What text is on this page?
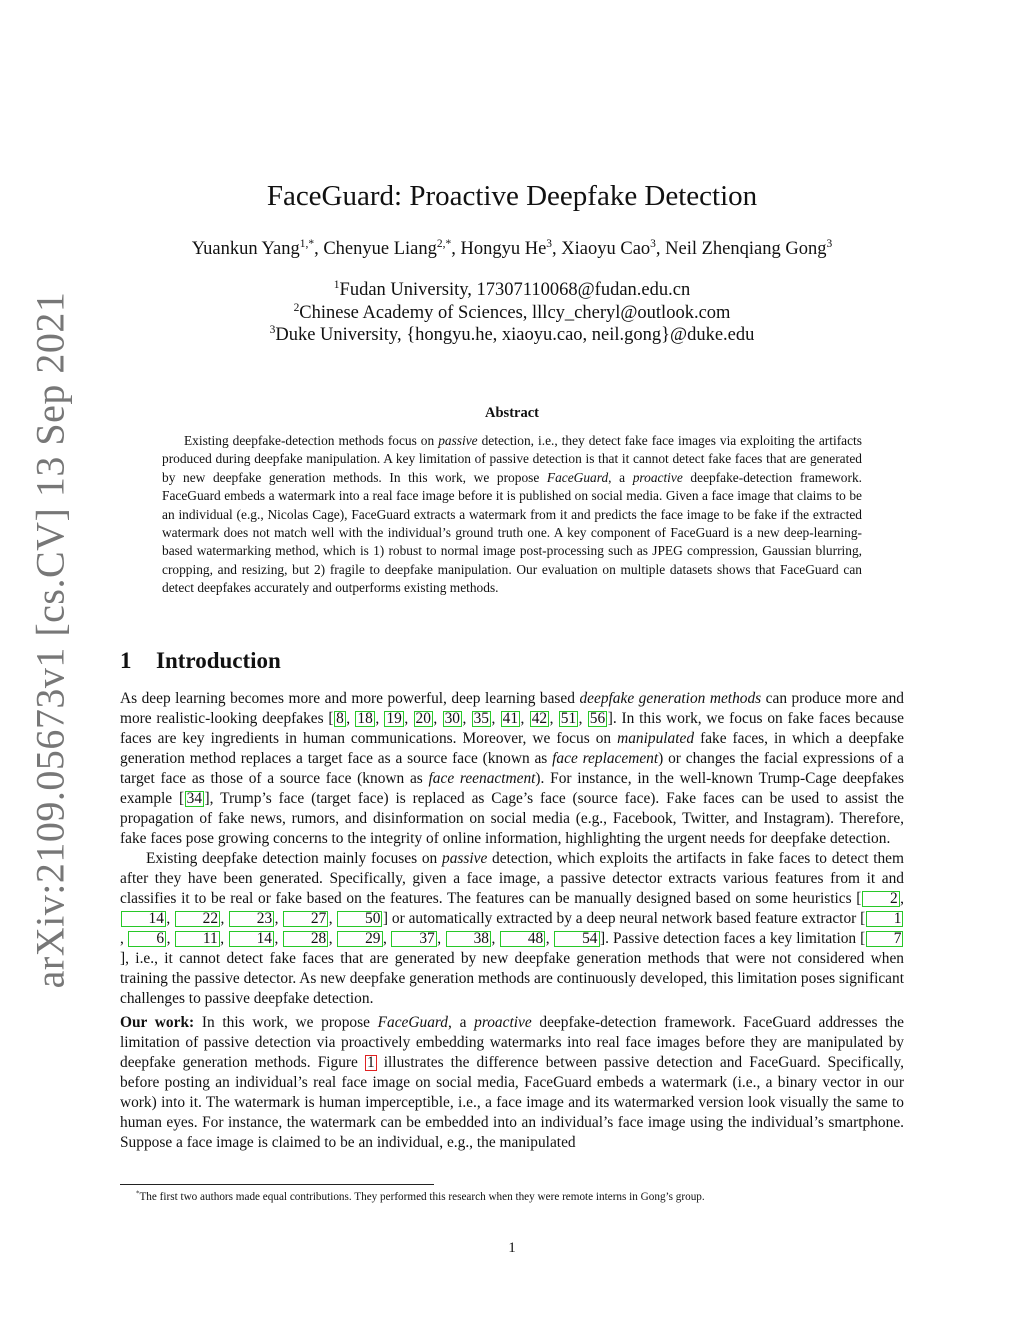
arXiv:2109.05673v1 [cs.CV] 13 Sep 2021
FaceGuard: Proactive Deepfake Detection
Yuankun Yang$^{1,*}$, Chenyue Liang$^{2,*}$, Hongyu He$^3$, Xiaoyu Cao$^3$, Neil Zhenqiang Gong$^3$
$^1$Fudan University, 17307110068@fudan.edu.cn
$^2$Chinese Academy of Sciences, lllcy_cheryl@outlook.com
$^3$Duke University, {hongyu.he, xiaoyu.cao, neil.gong}@duke.edu
Abstract
Existing deepfake-detection methods focus on passive detection, i.e., they detect fake face images via exploiting the artifacts produced during deepfake manipulation. A key limitation of passive detection is that it cannot detect fake faces that are generated by new deepfake generation methods. In this work, we propose FaceGuard, a proactive deepfake-detection framework. FaceGuard embeds a watermark into a real face image before it is published on social media. Given a face image that claims to be an individual (e.g., Nicolas Cage), FaceGuard extracts a watermark from it and predicts the face image to be fake if the extracted watermark does not match well with the individual’s ground truth one. A key component of FaceGuard is a new deep-learning-based watermarking method, which is 1) robust to normal image post-processing such as JPEG compression, Gaussian blurring, cropping, and resizing, but 2) fragile to deepfake manipulation. Our evaluation on multiple datasets shows that FaceGuard can detect deepfakes accurately and outperforms existing methods.
1 Introduction

As deep learning becomes more and more powerful, deep learning based deepfake generation methods can produce more and more realistic-looking deepfakes [ 8 , 18 , 19 , 20 , 30 , 35 , 41 , 42 , 51 , 56 ]. In this work, we focus on fake faces because faces are key ingredients in human communications. Moreover, we focus on manipulated fake faces, in which a deepfake generation method replaces a target face as a source face (known as face replacement) or changes the facial expressions of a target face as those of a source face (known as face reenactment). For instance, in the well-known Trump-Cage deepfakes example [ 34 ], Trump’s face (target face) is replaced as Cage’s face (source face). Fake faces can be used to assist the propagation of fake news, rumors, and disinformation on social media (e.g., Facebook, Twitter, and Instagram). Therefore, fake faces pose growing concerns to the integrity of online information, highlighting the urgent needs for deepfake detection.

Existing deepfake detection mainly focuses on passive detection, which exploits the artifacts in fake faces to detect them after they have been generated. Specifically, given a face image, a passive detector extracts various features from it and classifies it to be real or fake based on the features. The features can be manually designed based on some heuristics [ 2 , 14 , 22 , 23 , 27 , 50 ] or automatically extracted by a deep neural network based feature extractor [ 1, 6 , 11 , 14 , 28 , 29 , 37 , 38 , 48 , 54 ]. Passive detection faces a key limitation [ 7], i.e., it cannot detect fake faces that are generated by new deepfake generation methods that were not considered when training the passive detector. As new deepfake generation methods are continuously developed, this limitation poses significant challenges to passive deepfake detection.

Our work: In this work, we propose FaceGuard, a proactive deepfake-detection framework. FaceGuard addresses the limitation of passive detection via proactively embedding watermarks into real face images before they are manipulated by deepfake generation methods. Figure 1 illustrates the difference between passive detection and FaceGuard. Specifically, before posting an individual’s real face image on social media, FaceGuard embeds a watermark (i.e., a binary vector in our work) into it. The watermark is human imperceptible, i.e., a face image and its watermarked version look visually the same to human eyes. For instance, the watermark can be embedded into an individual’s face image using the individual’s smartphone. Suppose a face image is claimed to be an individual, e.g., the manipulated

*The first two authors made equal contributions. They performed this research when they were remote interns in Gong’s group.
1
